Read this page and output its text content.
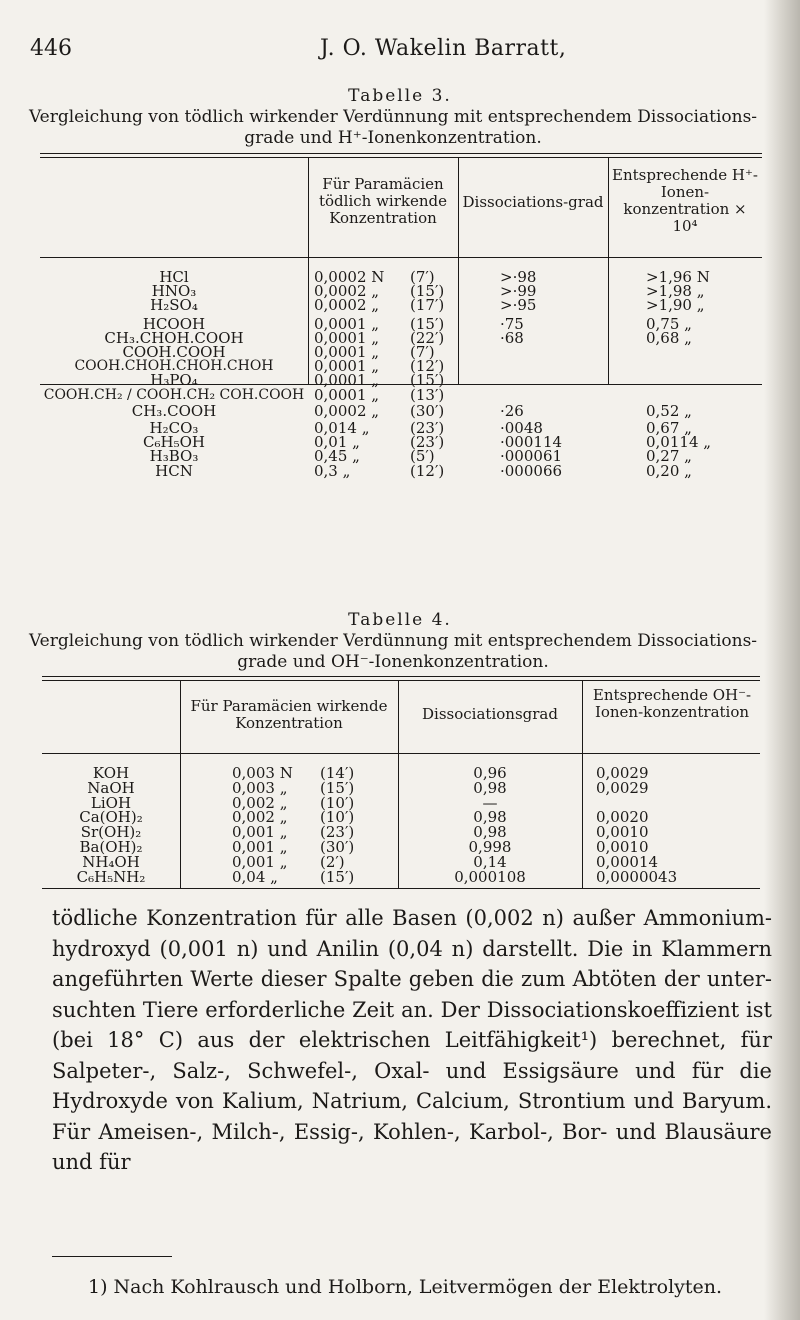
446	J. O. Wakelin Barratt,
Tabelle 3.
Vergleichung von tödlich wirkender Verdünnung mit entsprechendem Dissociations-grade und H⁺-Ionenkonzentration.
Für Paramäcien tödlich wirkende Konzentration
Dissociations-grad
Entsprechende H⁺-Ionen-konzentration × 10⁴
HCl	0,0002 N (7′)	>·98	>1,96 N
HNO₃	0,0002 „ (15′)	>·99	>1,98 „
H₂SO₄	0,0002 „ (17′)	>·95	>1,90 „
HCOOH	0,0001 „ (15′)	·75	0,75 „
CH₃.CHOH.COOH	0,0001 „ (22′)	·68	0,68 „
COOH.COOH	0,0001 „ (7′)
COOH.CHOH.CHOH.CHOH	0,0001 „ (12′)
H₃PO₄	0,0001 „ (15′)
COOH.CH₂ / COOH.CH₂ COH.COOH 0,0001 „ (13′)
CH₃.COOH	0,0002 „ (30′)	·26	0,52 „
H₂CO₃	0,014 „	(23′)	·0048	0,67 „
C₆H₅OH	0,01 „	(23′)	·000114	0,0114 „
H₃BO₃	0,45 „	(5′)	·000061	0,27 „
HCN	0,3 „	(12′)	·000066	0,20 „
Tabelle 4.
Vergleichung von tödlich wirkender Verdünnung mit entsprechendem Dissociations-grade und OH⁻-Ionenkonzentration.
Für Paramäcien wirkende Konzentration	Dissociationsgrad
Entsprechende OH⁻-Ionen-konzentration
KOH	0,003 N (14′)	0,96	0,0029
NaOH	0,003 „ (15′)	0,98	0,0029
LiOH	0,002 „ (10′)	—
Ca(OH)₂	0,002 „ (10′)	0,98	0,0020
Sr(OH)₂	0,001 „ (23′)	0,98	0,0010
Ba(OH)₂	0,001 „ (30′)	0,998	0,0010
NH₄OH	0,001 „ (2′)	0,14	0,00014
C₆H₅NH₂	0,04 „	(15′)	0,000108	0,0000043

tödliche Konzentration für alle Basen (0,002 n) außer Ammonium-hydroxyd (0,001 n) und Anilin (0,04 n) darstellt. Die in Klammern angeführten Werte dieser Spalte geben die zum Abtöten der unter-suchten Tiere erforderliche Zeit an. Der Dissociationskoeffizient ist (bei 18° C) aus der elektrischen Leitfähigkeit¹) berechnet, für Salpeter-, Salz-, Schwefel-, Oxal- und Essigsäure und für die Hydroxyde von Kalium, Natrium, Calcium, Strontium und Baryum. Für Ameisen-, Milch-, Essig-, Kohlen-, Karbol-, Bor- und Blausäure und für

1) Nach Kohlrausch und Holborn, Leitvermögen der Elektrolyten.
